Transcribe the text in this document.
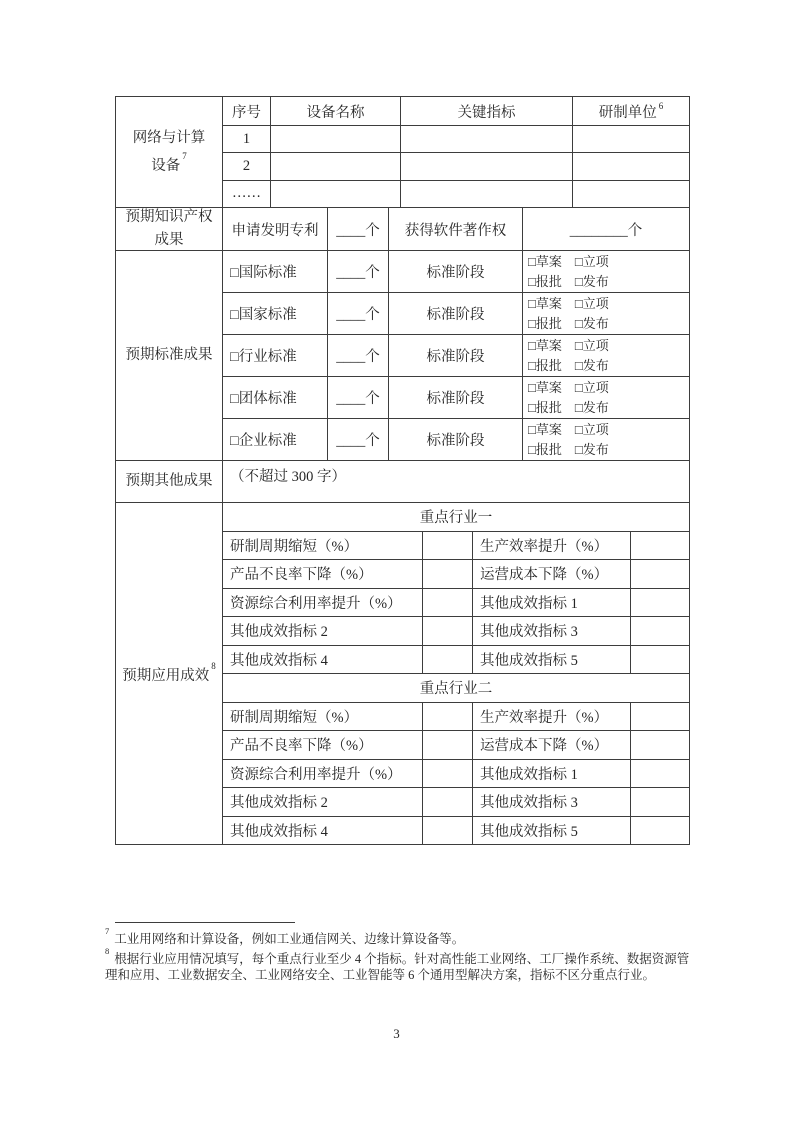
网络与计算
设备$^7$
序号	设备名称	关键指标	研制单位$^6$
1
2
……
预期知识产权
成果
申请发明专利	____个	获得软件著作权	________个
预期标准成果
□国际标准	____个	标准阶段
□草案 □立项
□报批 □发布
□国家标准	____个	标准阶段
□草案 □立项
□报批 □发布
□行业标准	____个	标准阶段
□草案 □立项
□报批 □发布
□团体标准	____个	标准阶段
□草案 □立项
□报批 □发布
□企业标准	____个	标准阶段
□草案 □立项
□报批 □发布
预期其他成果	（不超过 300 字）
预期应用成效$^8$
重点行业一
研制周期缩短（%）	生产效率提升（%）
产品不良率下降（%）	运营成本下降（%）
资源综合利用率提升（%）	其他成效指标 1
其他成效指标 2	其他成效指标 3
其他成效指标 4	其他成效指标 5
重点行业二
研制周期缩短（%）	生产效率提升（%）
产品不良率下降（%）	运营成本下降（%）
资源综合利用率提升（%）	其他成效指标 1
其他成效指标 2	其他成效指标 3
其他成效指标 4	其他成效指标 5

$^7$工业用网络和计算设备，例如工业通信网关、边缘计算设备等。

$^8$根据行业应用情况填写，每个重点行业至少 4 个指标。针对高性能工业网络、工厂操作系统、数据资源管理和应用、工业数据安全、工业网络安全、工业智能等 6 个通用型解决方案，指标不区分重点行业。

3
